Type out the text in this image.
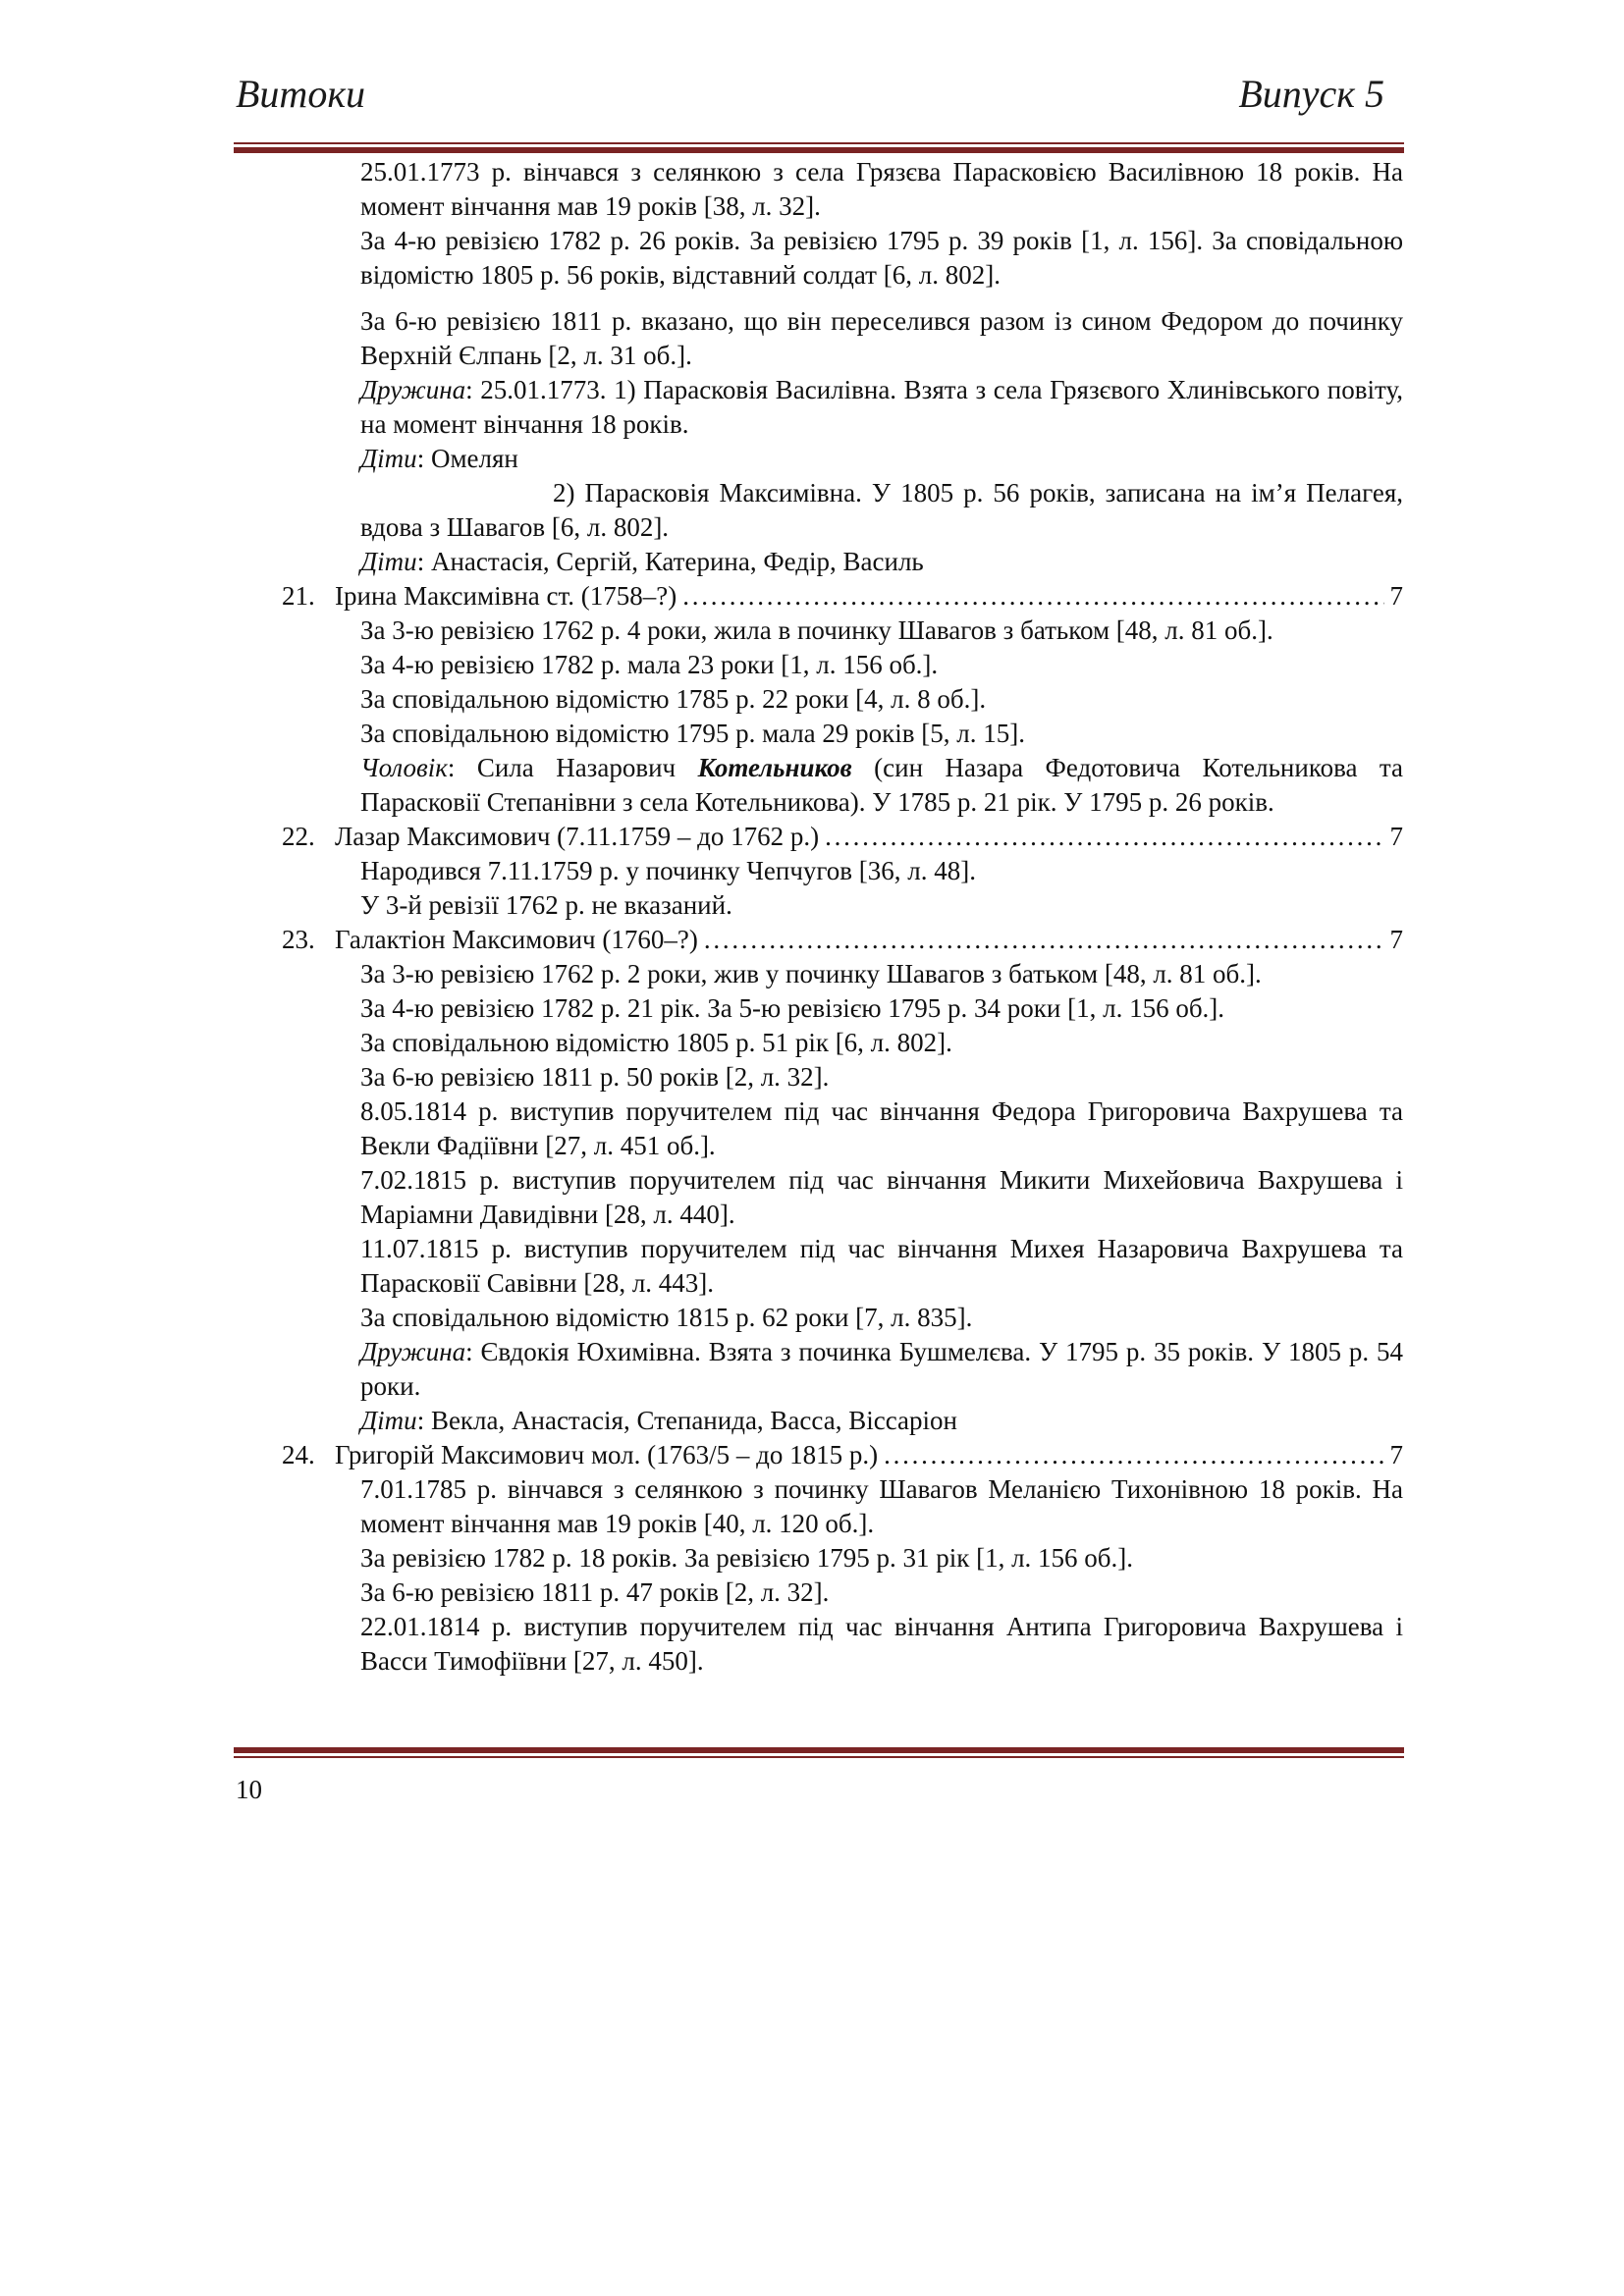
Витоки	Випуск 5
25.01.1773 р. вінчався з селянкою з села Грязєва Парасковією Василівною 18 років. На момент вінчання мав 19 років [38, л. 32].
За 4-ю ревізією 1782 р. 26 років. За ревізією 1795 р. 39 років [1, л. 156]. За сповідальною відомістю 1805 р. 56 років, відставний солдат [6, л. 802].
За 6-ю ревізією 1811 р. вказано, що він переселився разом із сином Федором до починку Верхній Єлпань [2, л. 31 об.].
Дружина: 25.01.1773. 1) Парасковія Василівна. Взята з села Грязєвого Хлинівського повіту, на момент вінчання 18 років.
Діти: Омелян
2) Парасковія Максимівна. У 1805 р. 56 років, записана на ім’я Пелагея, вдова з Шавагов [6, л. 802].
Діти: Анастасія, Сергій, Катерина, Федір, Василь
21. Ірина Максимівна ст. (1758–?) . . .	7
За 3-ю ревізією 1762 р. 4 роки, жила в починку Шавагов з батьком [48, л. 81 об.].
За 4-ю ревізією 1782 р. мала 23 роки [1, л. 156 об.].
За сповідальною відомістю 1785 р. 22 роки [4, л. 8 об.].
За сповідальною відомістю 1795 р. мала 29 років [5, л. 15].
Чоловік: Сила Назарович Котельников (син Назара Федотовича Котельникова та Парасковії Степанівни з села Котельникова). У 1785 р. 21 рік. У 1795 р. 26 років.
22. Лазар Максимович (7.11.1759 – до 1762 р.) . . .	7
Народився 7.11.1759 р. у починку Чепчугов [36, л. 48].
У 3-й ревізії 1762 р. не вказаний.
23. Галактіон Максимович (1760–?) . . .	7
За 3-ю ревізією 1762 р. 2 роки, жив у починку Шавагов з батьком [48, л. 81 об.].
За 4-ю ревізією 1782 р. 21 рік. За 5-ю ревізією 1795 р. 34 роки [1, л. 156 об.].
За сповідальною відомістю 1805 р. 51 рік [6, л. 802].
За 6-ю ревізією 1811 р. 50 років [2, л. 32].
8.05.1814 р. виступив поручителем під час вінчання Федора Григоровича Вахрушева та Векли Фадіївни [27, л. 451 об.].
7.02.1815 р. виступив поручителем під час вінчання Микити Михейовича Вахрушева і Маріамни Давидівни [28, л. 440].
11.07.1815 р. виступив поручителем під час вінчання Михея Назаровича Вахрушева та Парасковії Савівни [28, л. 443].
За сповідальною відомістю 1815 р. 62 роки [7, л. 835].
Дружина: Євдокія Юхимівна. Взята з починка Бушмелєва. У 1795 р. 35 років. У 1805 р. 54 роки.
Діти: Векла, Анастасія, Степанида, Васса, Віссаріон
24. Григорій Максимович мол. (1763/5 – до 1815 р.) . . .	7
7.01.1785 р. вінчався з селянкою з починку Шавагов Меланією Тихонівною 18 років. На момент вінчання мав 19 років [40, л. 120 об.].
За ревізією 1782 р. 18 років. За ревізією 1795 р. 31 рік [1, л. 156 об.].
За 6-ю ревізією 1811 р. 47 років [2, л. 32].
22.01.1814 р. виступив поручителем під час вінчання Антипа Григоровича Вахрушева і Васси Тимофіївни [27, л. 450].
10
